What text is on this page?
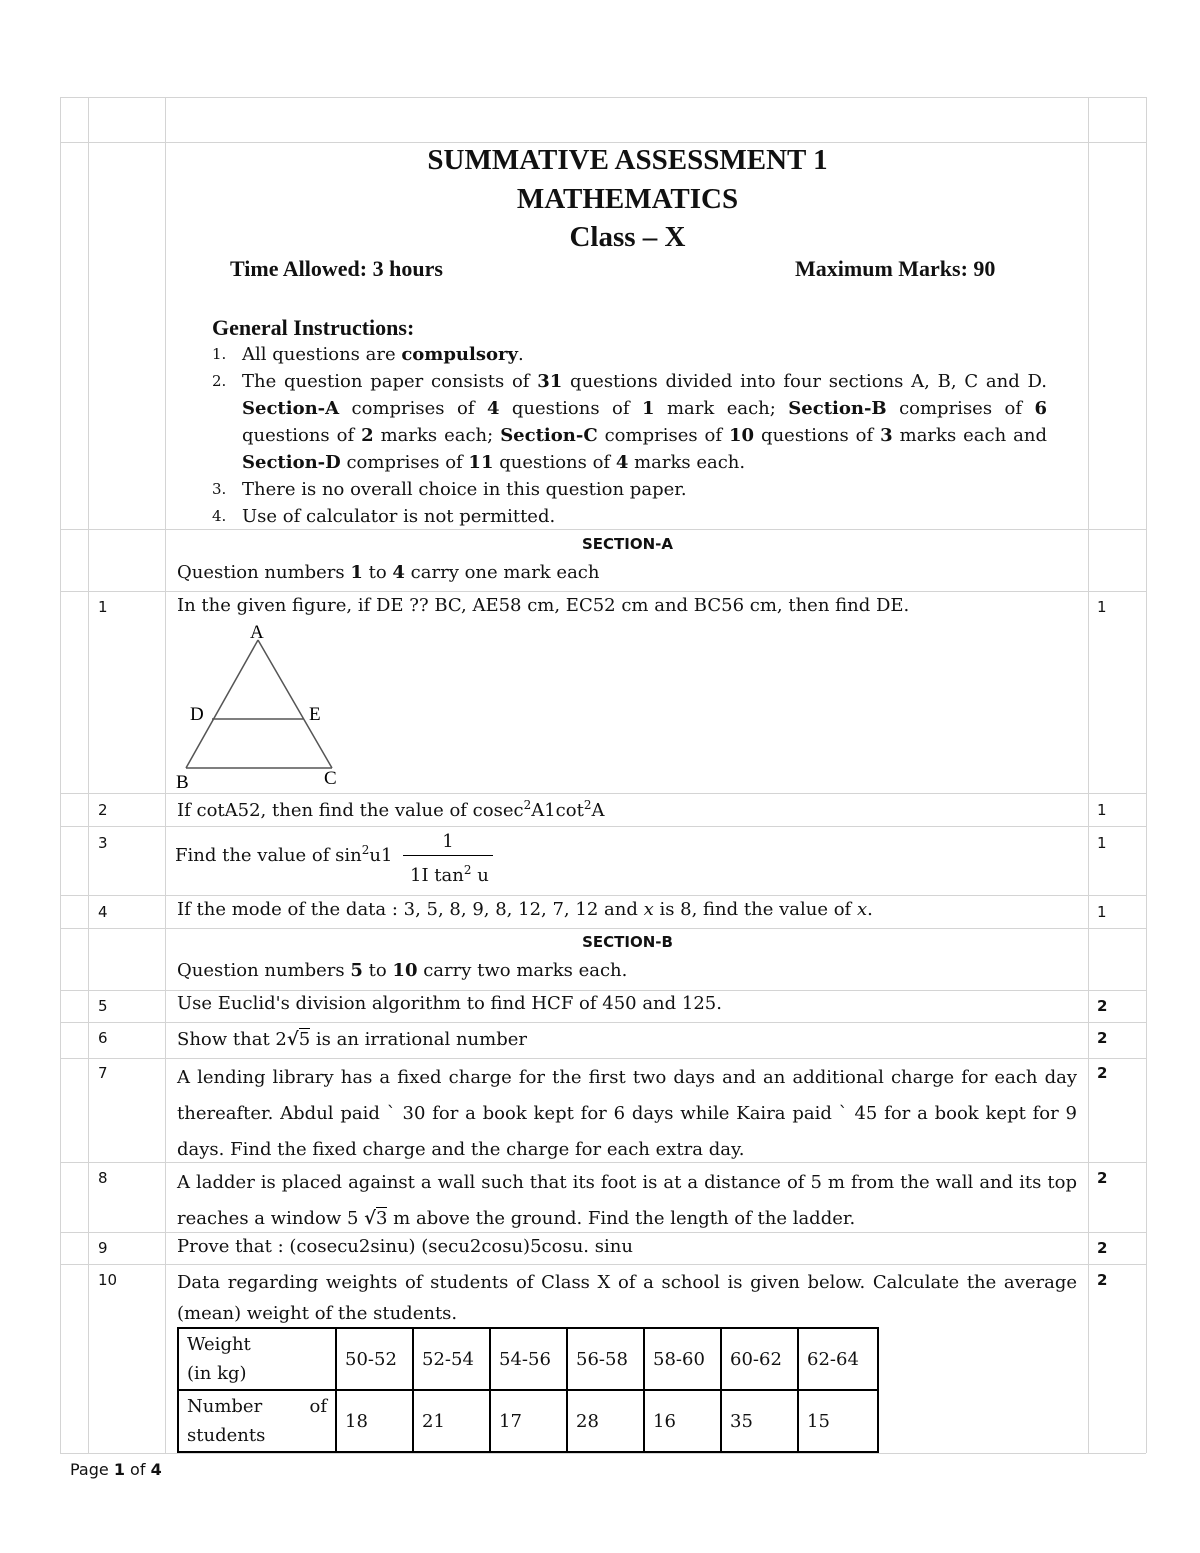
SUMMATIVE ASSESSMENT 1
MATHEMATICS
Class – X
Time Allowed: 3 hours	Maximum Marks: 90
General Instructions:
1. All questions are compulsory.
2. The question paper consists of 31 questions divided into four sections A, B, C and D. Section-A comprises of 4 questions of 1 mark each; Section-B comprises of 6 questions of 2 marks each; Section-C comprises of 10 questions of 3 marks each and Section-D comprises of 11 questions of 4 marks each.
3. There is no overall choice in this question paper.
4. Use of calculator is not permitted.
SECTION-A
Question numbers 1 to 4 carry one mark each
1	In the given figure, if DE ?? BC, AE58 cm, EC52 cm and BC56 cm, then find DE.	1
A
D	E
B	C
2	If cotA52, then find the value of $cosec^2A1\cot^2A$	1
3
Find the value of $\sin^2u1$
1
1I $\tan^2 u$
1
4	If the mode of the data : 3, 5, 8, 9, 8, 12, 7, 12 and x is 8, find the value of x.	1
SECTION-B
Question numbers 5 to 10 carry two marks each.
5	Use Euclid's division algorithm to find HCF of 450 and 125.	2
6	Show that 2√5 is an irrational number	2
7	A lending library has a fixed charge for the first two days and an additional charge for each day thereafter. Abdul paid ` 30 for a book kept for 6 days while Kaira paid ` 45 for a book kept for 9 days. Find the fixed charge and the charge for each extra day.
2
8	A ladder is placed against a wall such that its foot is at a distance of 5 m from the wall and its top reaches a window 5 √3 m above the ground. Find the length of the ladder.
2
9	Prove that : (cosecu2sinu) (secu2cosu)5cosu. sinu	2
10	Data regarding weights of students of Class X of a school is given below. Calculate the average (mean) weight of the students.
2
Weight
(in kg)	50-52	52-54	54-56	56-58	58-60	60-62	62-64

Number of
students	18	21	17	28	16	35	15
Page 1 of 4
